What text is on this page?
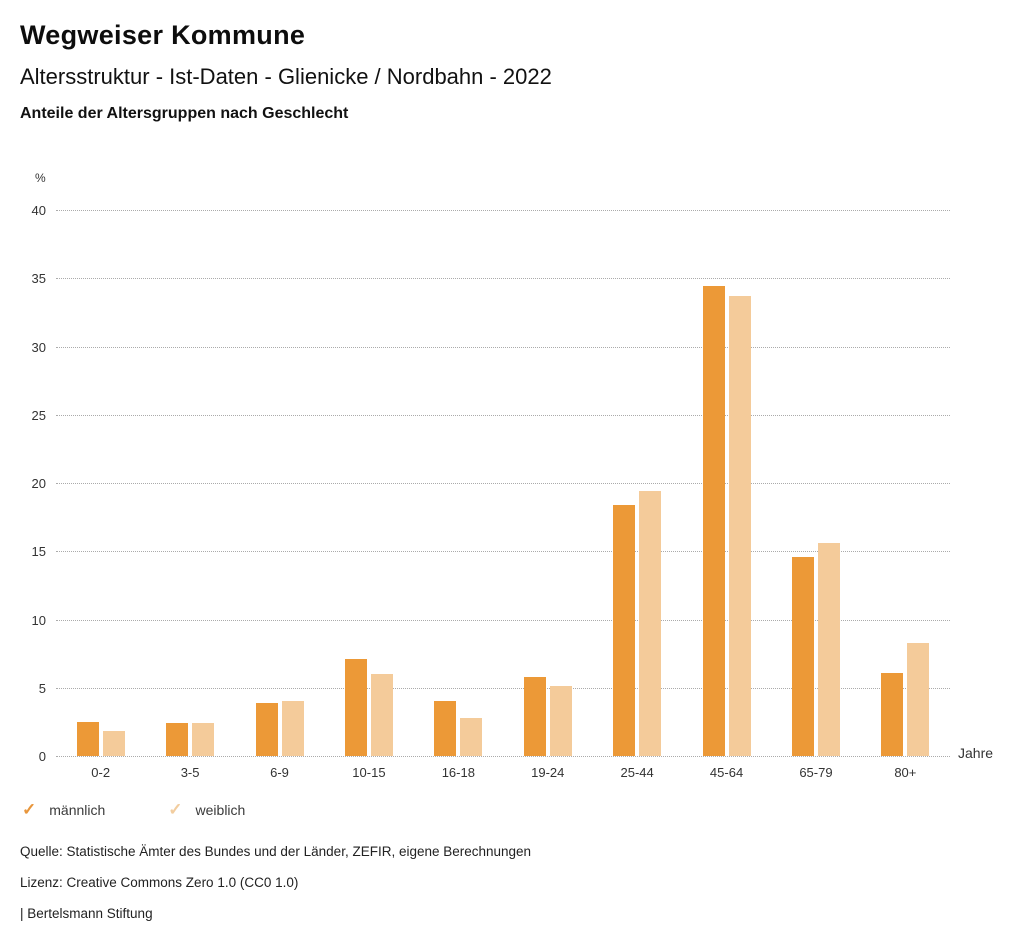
Wegweiser Kommune
Altersstruktur - Ist-Daten - Glienicke / Nordbahn - 2022
Anteile der Altersgruppen nach Geschlecht
%
0
5
10
15
20
25
30
35
40
0-2	3-5	6-9	10-15	16-18	19-24	25-44	45-64	65-79	80+
Jahre
✓ männlich	✓ weiblich
Quelle: Statistische Ämter des Bundes und der Länder, ZEFIR, eigene Berechnungen
Lizenz: Creative Commons Zero 1.0 (CC0 1.0)
| Bertelsmann Stiftung
